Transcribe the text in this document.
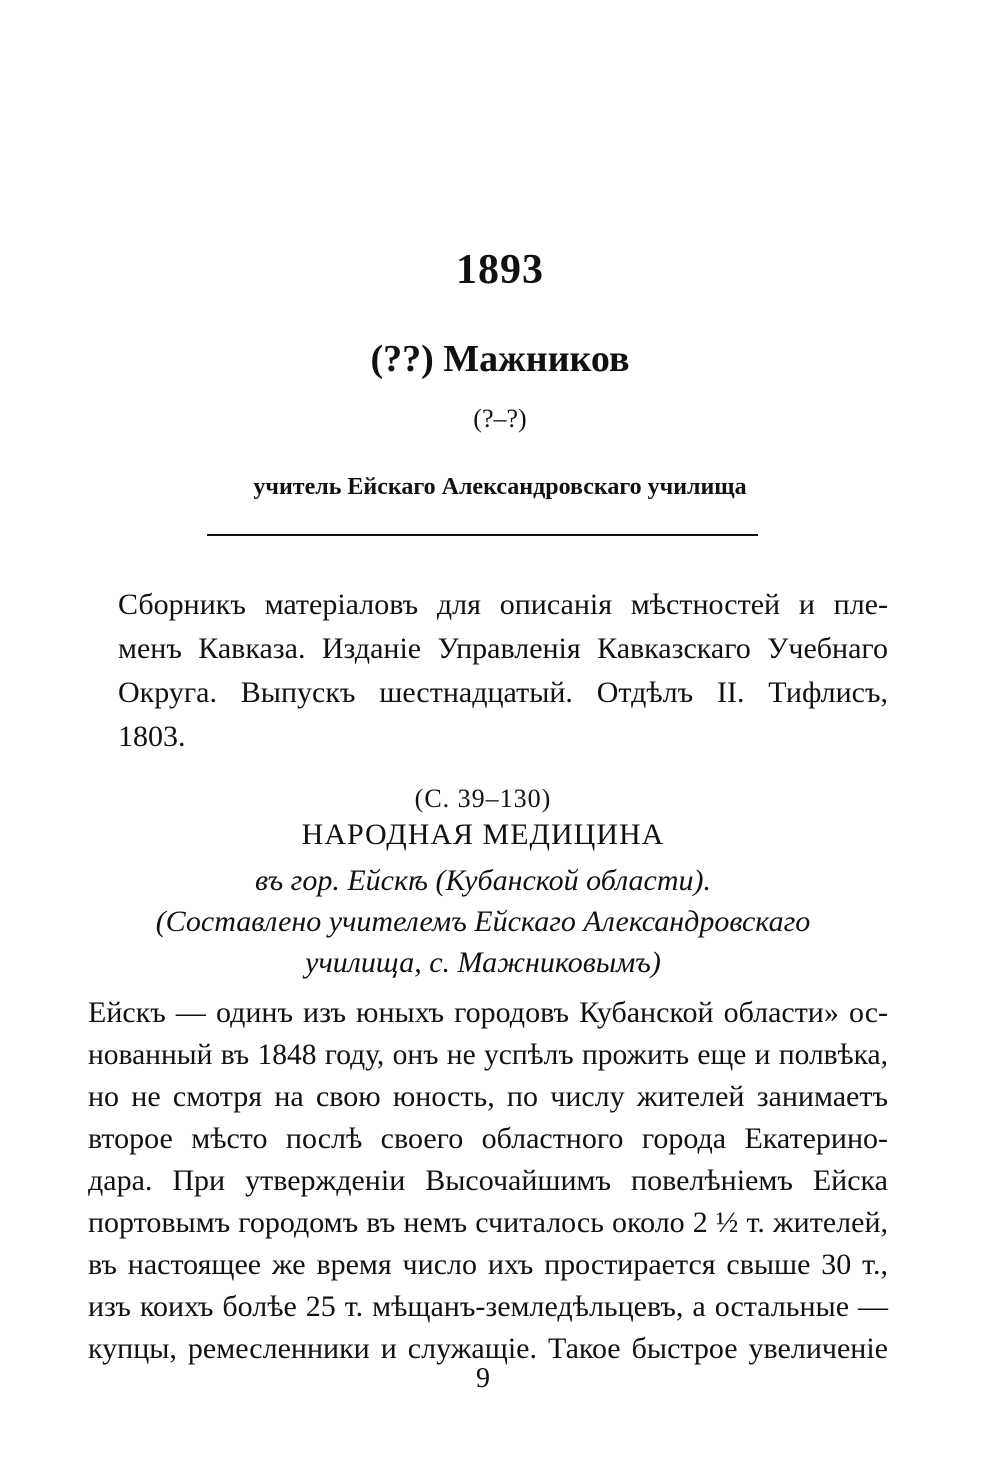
1893
(??) Мажников
(?–?)
учитель Ейскаго Александровскаго училища
Сборникъ матеріаловъ для описанія мѣстностей и пле-
менъ Кавказа. Изданіе Управленія Кавказскаго Учебнаго
Округа. Выпускъ шестнадцатый. Отдѣлъ II. Тифлисъ,
1803.
(С. 39–130)
НАРОДНАЯ МЕДИЦИНА
въ гор. Ейскѣ (Кубанской области).
(Составлено учителемъ Ейскаго Александровскаго
училища, с. Мажниковымъ)
Ейскъ — одинъ изъ юныхъ городовъ Кубанской области» ос-
нованный въ 1848 году, онъ не успѣлъ прожить еще и полвѣка,
но не смотря на свою юность, по числу жителей занимаетъ
второе мѣсто послѣ своего областного города Екатерино-
дара. При утвержденіи Высочайшимъ повелѣніемъ Ейска
портовымъ городомъ въ немъ считалось около 2 ½ т. жителей,
въ настоящее же время число ихъ простирается свыше 30 т.,
изъ коихъ болѣе 25 т. мѣщанъ-земледѣльцевъ, а остальные —
купцы, ремесленники и служащіе. Такое быстрое увеличеніе
9
